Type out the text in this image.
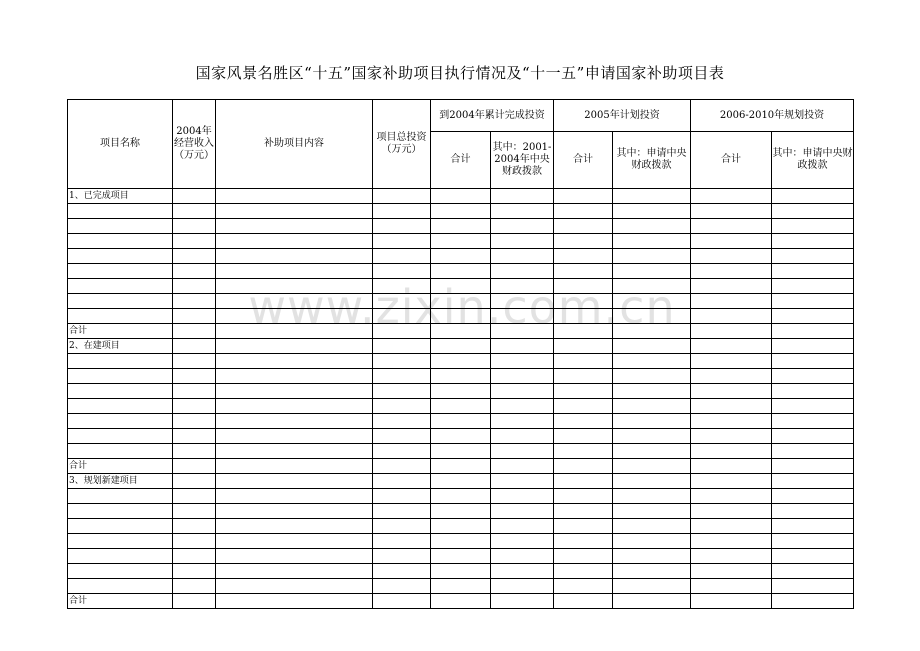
国家风景名胜区“十五”国家补助项目执行情况及“十一五”申请国家补助项目表
www.zixin.com.cn
项目名称	2004年经营收入（万元）	补助项目内容	项目总投资（万元）	到2004年累计完成投资		2005年计划投资		2006-2010年规划投资	
				合计	其中：2001-2004年中央财政拨款	合计	其中：申请中央财政拨款	合计	其中：申请中央财政拨款
1、已完成项目									

合计									
2、在建项目									

合计									
3、规划新建项目									

合计									
